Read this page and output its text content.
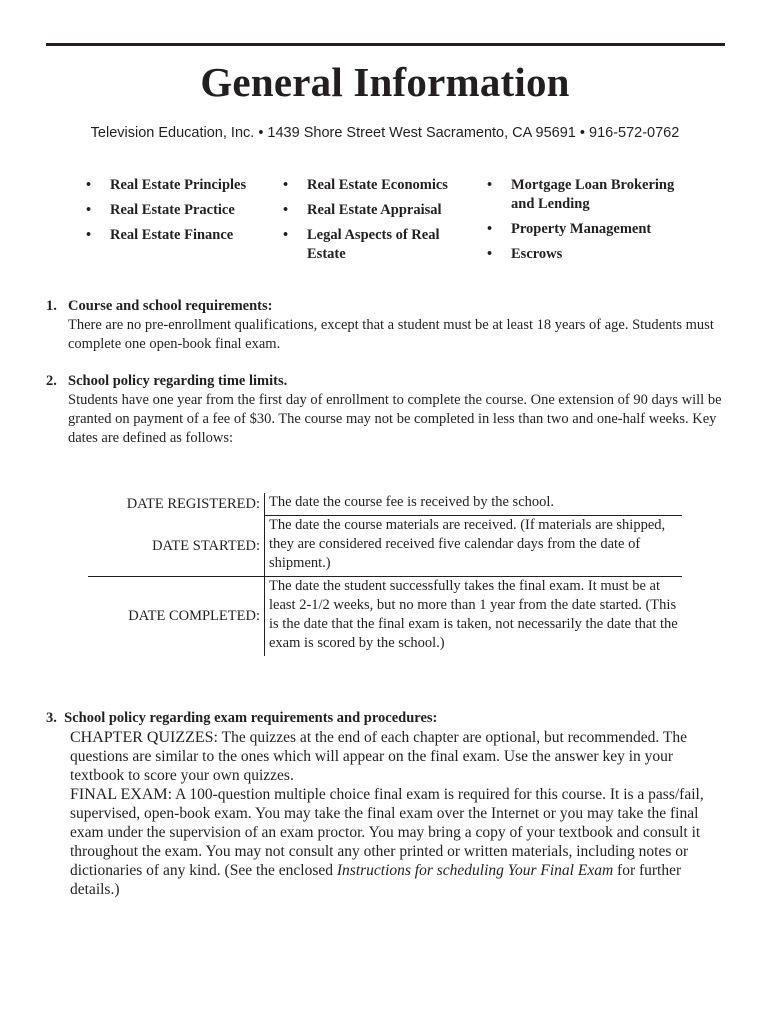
General Information
Television Education, Inc. • 1439 Shore Street West Sacramento, CA 95691 • 916-572-0762
• Real Estate Principles
• Real Estate Practice
• Real Estate Finance
• Real Estate Economics
• Real Estate Appraisal
• Legal Aspects of Real Estate
• Mortgage Loan Brokering and Lending
• Property Management
• Escrows
1. Course and school requirements:
There are no pre-enrollment qualifications, except that a student must be at least 18 years of age. Students must complete one open-book final exam.
2. School policy regarding time limits.
Students have one year from the first day of enrollment to complete the course. One extension of 90 days will be granted on payment of a fee of $30. The course may not be completed in less than two and one-half weeks. Key dates are defined as follows:
DATE REGISTERED: The date the course fee is received by the school.
DATE STARTED:
The date the course materials are received. (If materials are shipped, they are considered received five calendar days from the date of shipment.)
DATE COMPLETED:
The date the student successfully takes the final exam. It must be at least 2-1/2 weeks, but no more than 1 year from the date started. (This is the date that the final exam is taken, not necessarily the date that the exam is scored by the school.)
3. School policy regarding exam requirements and procedures:
CHAPTER QUIZZES: The quizzes at the end of each chapter are optional, but recommended. The questions are similar to the ones which will appear on the final exam. Use the answer key in your textbook to score your own quizzes.
FINAL EXAM: A 100-question multiple choice final exam is required for this course. It is a pass/fail, supervised, open-book exam. You may take the final exam over the Internet or you may take the final exam under the supervision of an exam proctor. You may bring a copy of your textbook and consult it throughout the exam. You may not consult any other printed or written materials, including notes or dictionaries of any kind. (See the enclosed Instructions for scheduling Your Final Exam for further details.)
